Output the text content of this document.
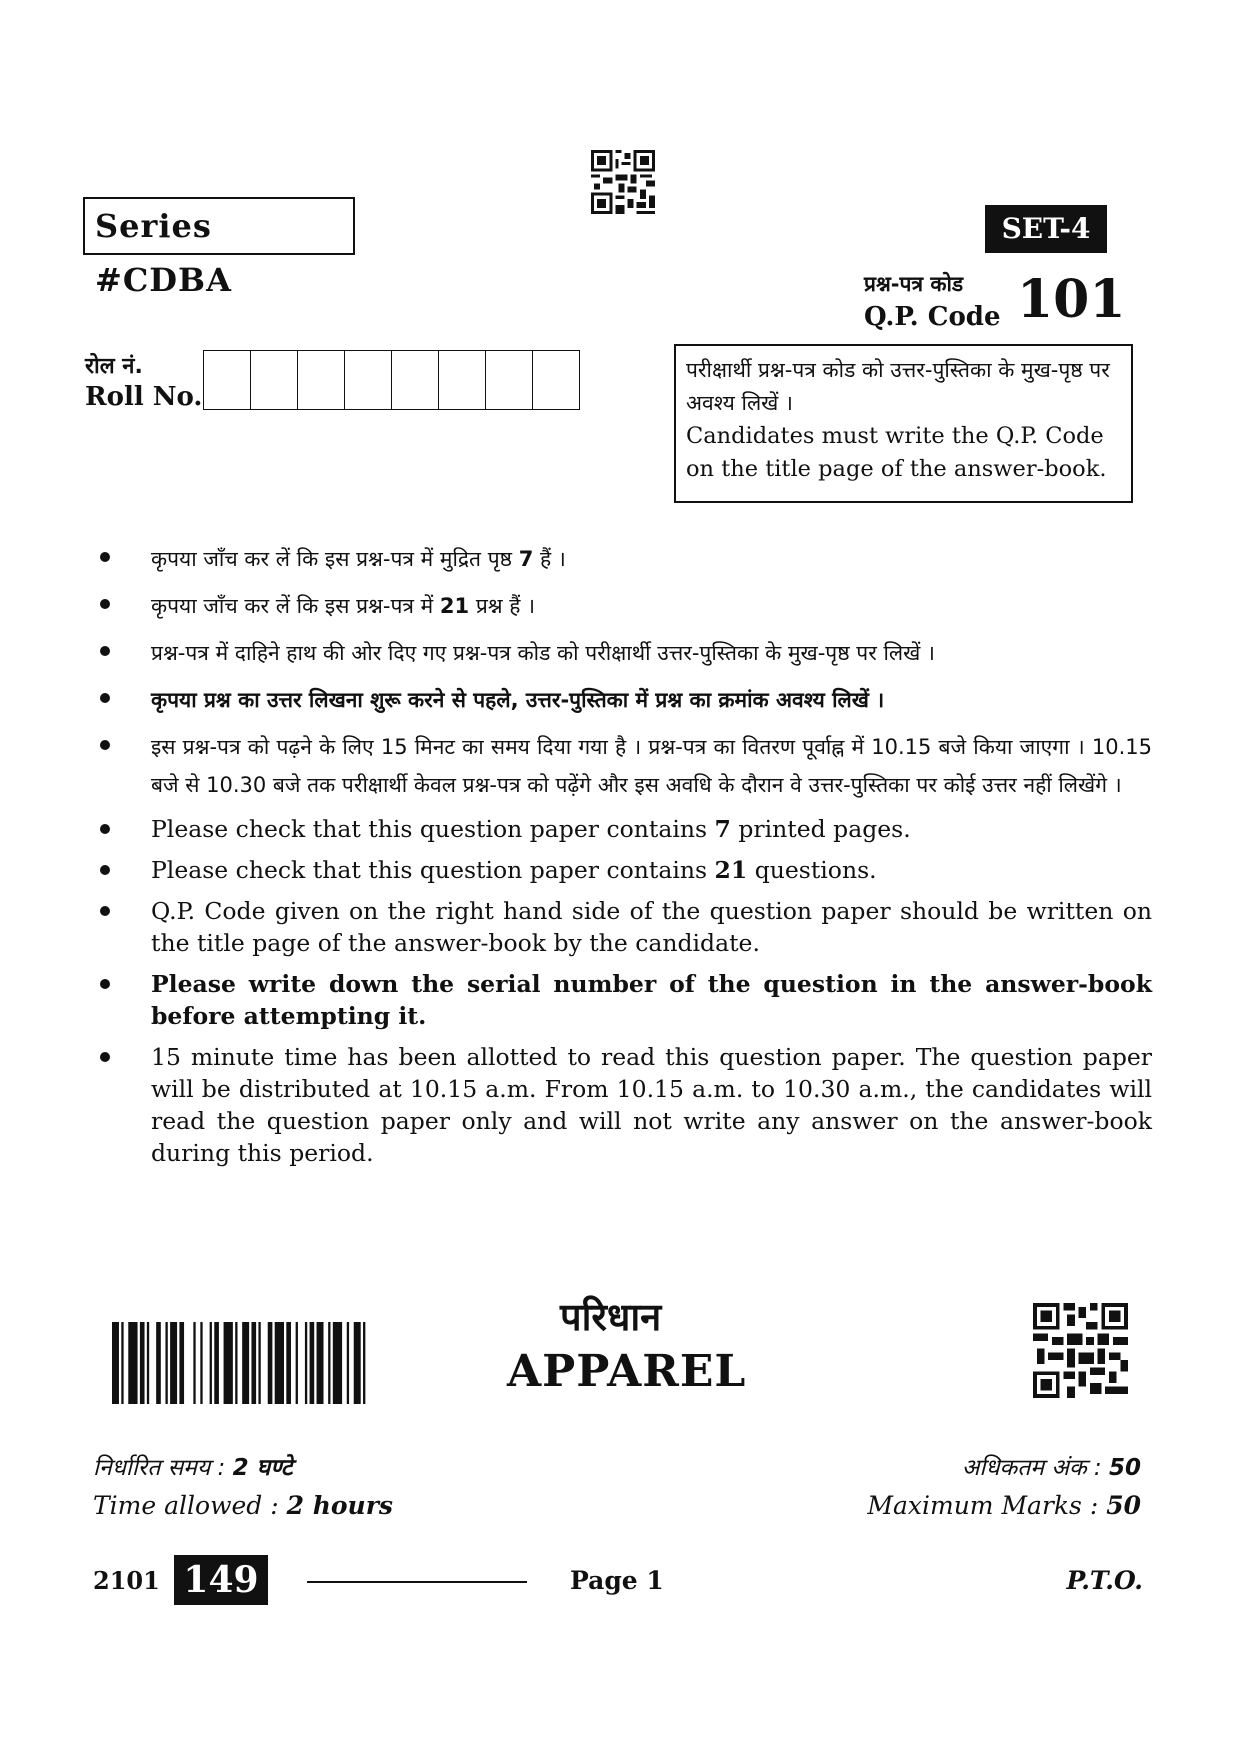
Series #CDBA
SET-4
प्रश्न-पत्र कोड
Q.P. Code 101
रोल नं.
Roll No.
परीक्षार्थी प्रश्न-पत्र कोड को उत्तर-पुस्तिका के मुख-पृष्ठ पर अवश्य लिखें ।
Candidates must write the Q.P. Code on the title page of the answer-book.
कृपया जाँच कर लें कि इस प्रश्न-पत्र में मुद्रित पृष्ठ 7 हैं ।
कृपया जाँच कर लें कि इस प्रश्न-पत्र में 21 प्रश्न हैं ।
प्रश्न-पत्र में दाहिने हाथ की ओर दिए गए प्रश्न-पत्र कोड को परीक्षार्थी उत्तर-पुस्तिका के मुख-पृष्ठ पर लिखें ।
कृपया प्रश्न का उत्तर लिखना शुरू करने से पहले, उत्तर-पुस्तिका में प्रश्न का क्रमांक अवश्य लिखें ।
इस प्रश्न-पत्र को पढ़ने के लिए 15 मिनट का समय दिया गया है । प्रश्न-पत्र का वितरण पूर्वाह्न में 10.15 बजे किया जाएगा । 10.15 बजे से 10.30 बजे तक परीक्षार्थी केवल प्रश्न-पत्र को पढ़ेंगे और इस अवधि के दौरान वे उत्तर-पुस्तिका पर कोई उत्तर नहीं लिखेंगे ।
Please check that this question paper contains 7 printed pages.
Please check that this question paper contains 21 questions.
Q.P. Code given on the right hand side of the question paper should be written on the title page of the answer-book by the candidate.
Please write down the serial number of the question in the answer-book before attempting it.
15 minute time has been allotted to read this question paper. The question paper will be distributed at 10.15 a.m. From 10.15 a.m. to 10.30 a.m., the candidates will read the question paper only and will not write any answer on the answer-book during this period.
परिधान
APPAREL
निर्धारित समय : 2 घण्टे
Time allowed : 2 hours
अधिकतम अंक : 50
Maximum Marks : 50
2101 149	Page 1	P.T.O.
